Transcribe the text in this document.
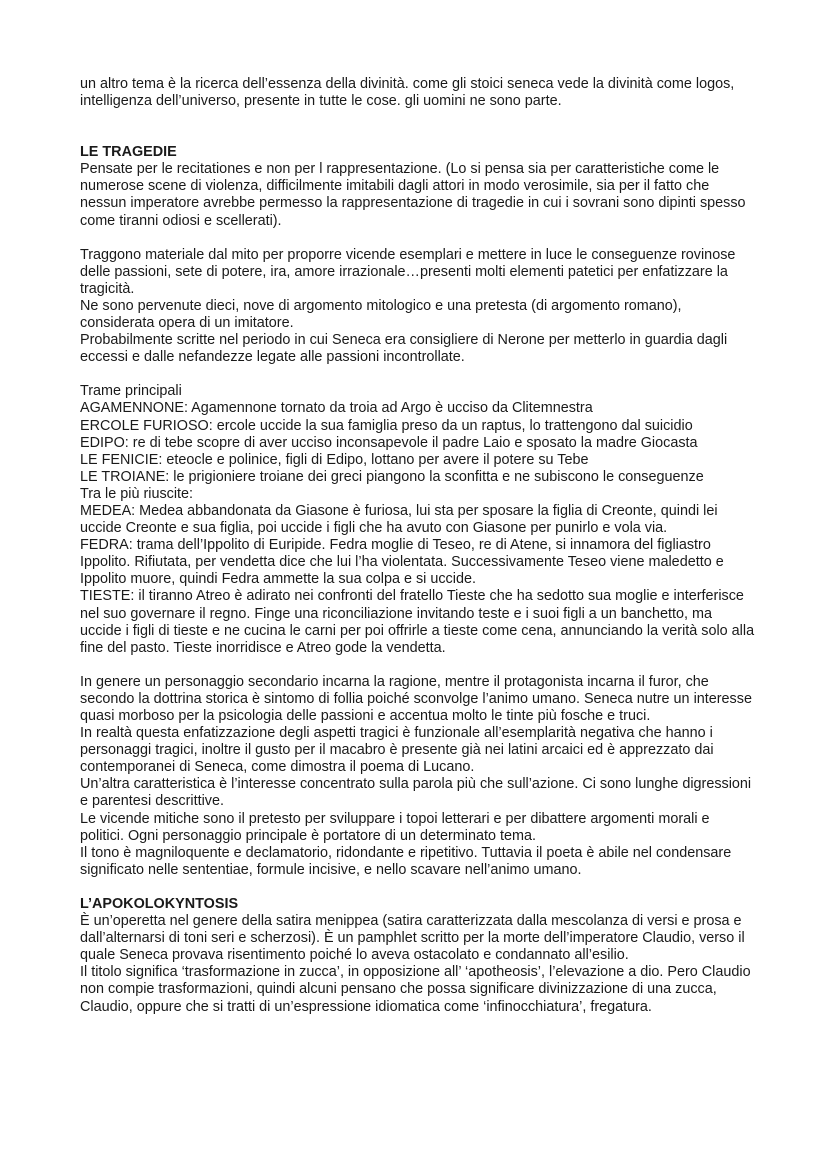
un altro tema è la ricerca dell’essenza della divinità. come gli stoici seneca vede la divinità come logos, intelligenza dell’universo, presente in tutte le cose. gli uomini ne sono parte.

LE TRAGEDIE

Pensate per le recitationes e non per l rappresentazione. (Lo si pensa sia per caratteristiche come le numerose scene di violenza, difficilmente imitabili dagli attori in modo verosimile, sia per il fatto che nessun imperatore avrebbe permesso la rappresentazione di tragedie in cui i sovrani sono dipinti spesso come tiranni odiosi e scellerati).

Traggono materiale dal mito per proporre vicende esemplari e mettere in luce le conseguenze rovinose delle passioni, sete di potere, ira, amore irrazionale…presenti molti elementi patetici per enfatizzare la tragicità.

Ne sono pervenute dieci, nove di argomento mitologico e una pretesta (di argomento romano), considerata opera di un imitatore.

Probabilmente scritte nel periodo in cui Seneca era consigliere di Nerone per metterlo in guardia dagli eccessi e dalle nefandezze legate alle passioni incontrollate.

Trame principali

AGAMENNONE: Agamennone tornato da troia ad Argo è ucciso da Clitemnestra

ERCOLE FURIOSO: ercole uccide la sua famiglia preso da un raptus, lo trattengono dal suicidio

EDIPO: re di tebe scopre di aver ucciso inconsapevole il padre Laio e sposato la madre Giocasta

LE FENICIE: eteocle e polinice, figli di Edipo, lottano per avere il potere su Tebe

LE TROIANE: le prigioniere troiane dei greci piangono la sconfitta e ne subiscono le conseguenze

Tra le più riuscite:

MEDEA: Medea abbandonata da Giasone è furiosa, lui sta per sposare la figlia di Creonte, quindi lei uccide Creonte e sua figlia, poi uccide i figli che ha avuto con Giasone per punirlo e vola via.

FEDRA: trama dell’Ippolito di Euripide. Fedra moglie di Teseo, re di Atene, si innamora del figliastro Ippolito. Rifiutata, per vendetta dice che lui l’ha violentata. Successivamente Teseo viene maledetto e Ippolito muore, quindi Fedra ammette la sua colpa e si uccide.

TIESTE: il tiranno Atreo è adirato nei confronti del fratello Tieste che ha sedotto sua moglie e interferisce nel suo governare il regno. Finge una riconciliazione invitando teste e i suoi figli a un banchetto, ma uccide i figli di tieste e ne cucina le carni per poi offrirle a tieste come cena, annunciando la verità solo alla fine del pasto. Tieste inorridisce e Atreo gode la vendetta.

In genere un personaggio secondario incarna la ragione, mentre il protagonista incarna il furor, che secondo la dottrina storica è sintomo di follia poiché sconvolge l’animo umano. Seneca nutre un interesse quasi morboso per la psicologia delle passioni e accentua molto le tinte più fosche e truci.

In realtà questa enfatizzazione degli aspetti tragici è funzionale all’esemplarità negativa che hanno i personaggi tragici, inoltre il gusto per il macabro è presente già nei latini arcaici ed è apprezzato dai contemporanei di Seneca, come dimostra il poema di Lucano.

Un’altra caratteristica è l’interesse concentrato sulla parola più che sull’azione. Ci sono lunghe digressioni e parentesi descrittive.

Le vicende mitiche sono il pretesto per sviluppare i topoi letterari e per dibattere argomenti morali e politici. Ogni personaggio principale è portatore di un determinato tema.

Il tono è magniloquente e declamatorio, ridondante e ripetitivo. Tuttavia il poeta è abile nel condensare significato nelle sententiae, formule incisive, e nello scavare nell’animo umano.

L’APOKOLOKYNTOSIS

È un’operetta nel genere della satira menippea (satira caratterizzata dalla mescolanza di versi e prosa e dall’alternarsi di toni seri e scherzosi). È un pamphlet scritto per la morte dell’imperatore Claudio, verso il quale Seneca provava risentimento poiché lo aveva ostacolato e condannato all’esilio.

Il titolo significa ‘trasformazione in zucca’, in opposizione all’ ‘apotheosis’, l’elevazione a dio. Pero Claudio non compie trasformazioni, quindi alcuni pensano che possa significare divinizzazione di una zucca, Claudio, oppure che si tratti di un’espressione idiomatica come ‘infinocchiatura’, fregatura.
